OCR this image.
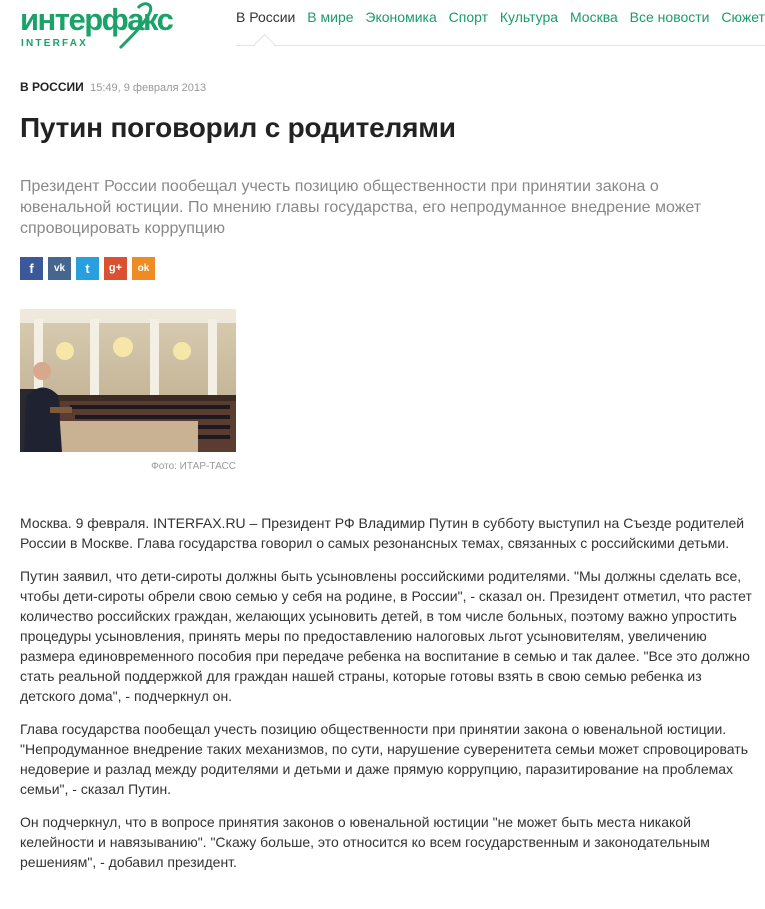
интерфакс
INTERFAX
В России В мире Экономика Спорт Культура Москва Все новости Сюжет
В РОССИИ 15:49, 9 февраля 2013
Путин поговорил с родителями

Президент России пообещал учесть позицию общественности при принятии закона о ювенальной юстиции. По мнению главы государства, его непродуманное внедрение может спровоцировать коррупцию

f	vk	t	g+	ok
Фото: ИТАР-ТАСС

Москва. 9 февраля. INTERFAX.RU – Президент РФ Владимир Путин в субботу выступил на Съезде родителей России в Москве. Глава государства говорил о самых резонансных темах, связанных с российскими детьми.

Путин заявил, что дети-сироты должны быть усыновлены российскими родителями. "Мы должны сделать все, чтобы дети-сироты обрели свою семью у себя на родине, в России", - сказал он. Президент отметил, что растет количество российских граждан, желающих усыновить детей, в том числе больных, поэтому важно упростить процедуры усыновления, принять меры по предоставлению налоговых льгот усыновителям, увеличению размера единовременного пособия при передаче ребенка на воспитание в семью и так далее. "Все это должно стать реальной поддержкой для граждан нашей страны, которые готовы взять в свою семью ребенка из детского дома", - подчеркнул он.

Глава государства пообещал учесть позицию общественности при принятии закона о ювенальной юстиции. "Непродуманное внедрение таких механизмов, по сути, нарушение суверенитета семьи может спровоцировать недоверие и разлад между родителями и детьми и даже прямую коррупцию, паразитирование на проблемах семьи", - сказал Путин.

Он подчеркнул, что в вопросе принятия законов о ювенальной юстиции "не может быть места никакой келейности и навязыванию". "Скажу больше, это относится ко всем государственным и законодательным решениям", - добавил президент.
